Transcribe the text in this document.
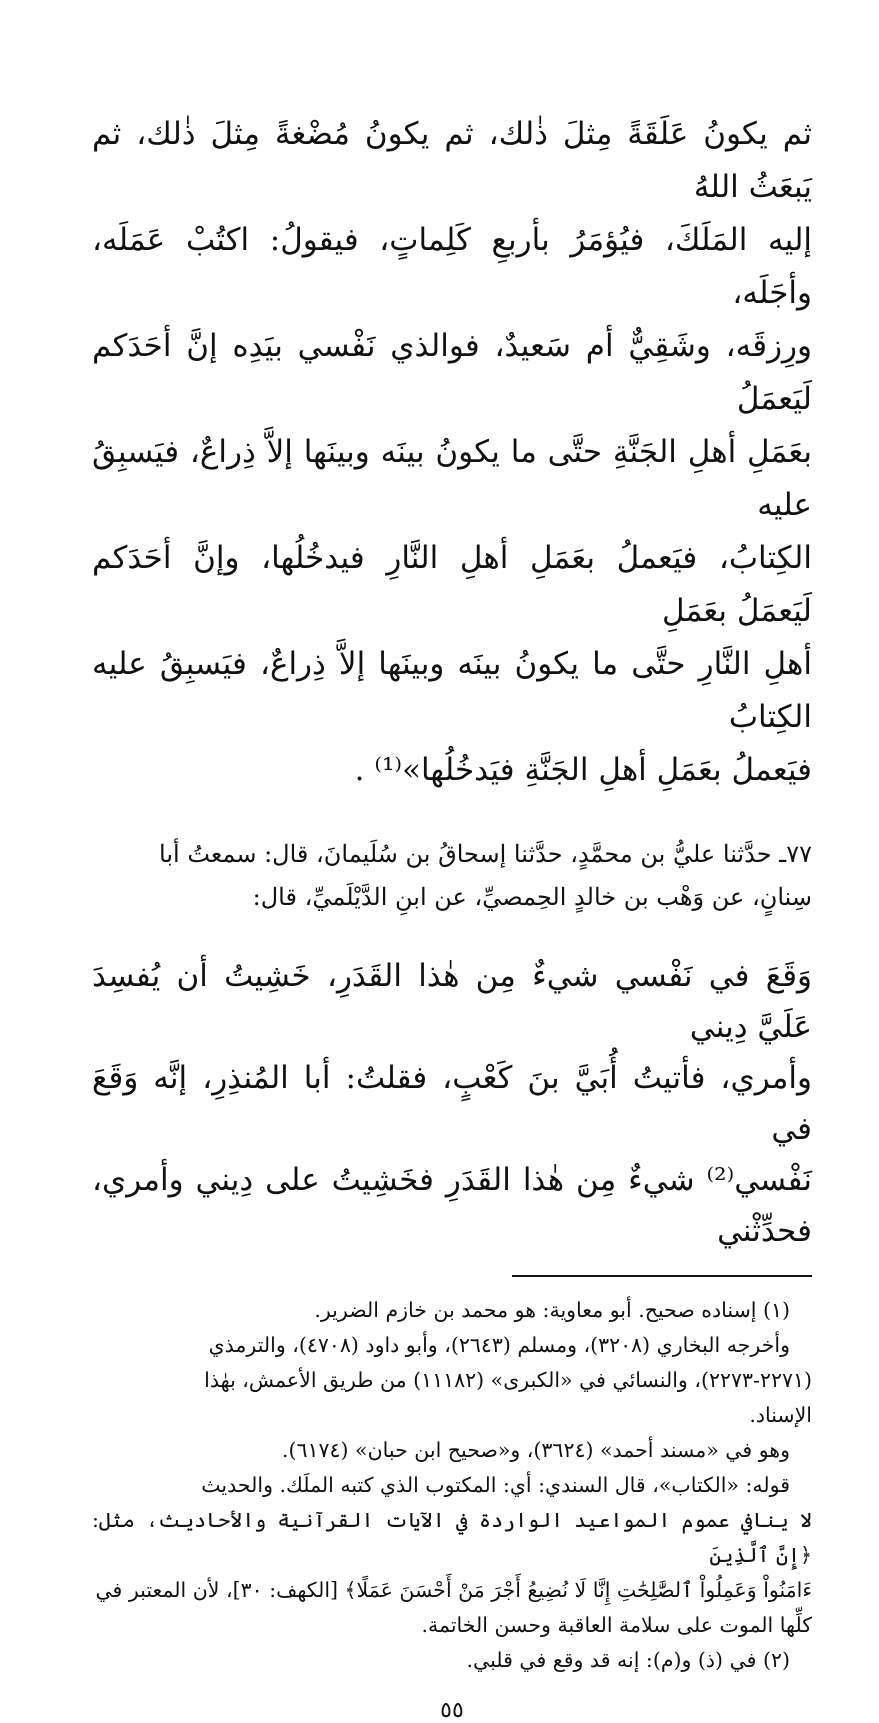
ثم يكونُ عَلَقَةً مِثلَ ذٰلك، ثم يكونُ مُضْغةً مِثلَ ذٰلك، ثم يَبعَثُ اللهُ

إليه المَلَكَ، فيُؤمَرُ بأربعِ كَلِماتٍ، فيقولُ: اكتُبْ عَمَلَه، وأجَلَه،

ورِزقَه، وشَقِيٌّ أم سَعيدٌ، فوالذي نَفْسي بيَدِه إنَّ أحَدَكم لَيَعمَلُ

بعَمَلِ أهلِ الجَنَّةِ حتَّى ما يكونُ بينَه وبينَها إلاَّ ذِراعٌ، فيَسبِقُ عليه

الكِتابُ، فيَعملُ بعَمَلِ أهلِ النَّارِ فيدخُلُها، وإنَّ أحَدَكم لَيَعمَلُ بعَمَلِ

أهلِ النَّارِ حتَّى ما يكونُ بينَه وبينَها إلاَّ ذِراعٌ، فيَسبِقُ عليه الكِتابُ

فيَعملُ بعَمَلِ أهلِ الجَنَّةِ فيَدخُلُها»⁽¹⁾ .

٧٧ـ حدَّثنا عليُّ بن محمَّدٍ، حدَّثنا إسحاقُ بن سُلَيمانَ، قال: سمعتُ أبا

سِنانٍ، عن وَهْب بن خالدٍ الحِمصيِّ، عن ابنِ الدَّيْلَميِّ، قال:

وَقَعَ في نَفْسي شيءٌ مِن هٰذا القَدَرِ، خَشِيتُ أن يُفسِدَ عَلَيَّ دِيني

وأمري، فأتيتُ أُبَيَّ بنَ كَعْبٍ، فقلتُ: أبا المُنذِرِ، إنَّه وَقَعَ في

نَفْسي⁽²⁾ شيءٌ مِن هٰذا القَدَرِ فخَشِيتُ على دِيني وأمري، فحدِّثْني

(١) إسناده صحيح. أبو معاوية: هو محمد بن خازم الضرير.

وأخرجه البخاري (٣٢٠٨)، ومسلم (٢٦٤٣)، وأبو داود (٤٧٠٨)، والترمذي

(٢٢٧١-٢٢٧٣)، والنسائي في «الكبرى» (١١١٨٢) من طريق الأعمش، بهٰذا

الإسناد.

وهو في «مسند أحمد» (٣٦٢٤)، و«صحيح ابن حبان» (٦١٧٤).

قوله: «الكتاب»، قال السندي: أي: المكتوب الذي كتبه الملَك. والحديث

لا ينافي عموم المواعيد الواردة في الآيات القرآنية والأحاديث، مثل: ﴿إِنَّ ٱلَّذِينَ

ءَامَنُواْ وَعَمِلُواْ ٱلصَّٰلِحَٰتِ إِنَّا لَا نُضِيعُ أَجْرَ مَنْ أَحْسَنَ عَمَلًا﴾ [الكهف: ٣٠]، لأن المعتبر في

كلِّها الموت على سلامة العاقبة وحسن الخاتمة.

(٢) في (ذ) و(م): إنه قد وقع في قلبي.

٥٥
